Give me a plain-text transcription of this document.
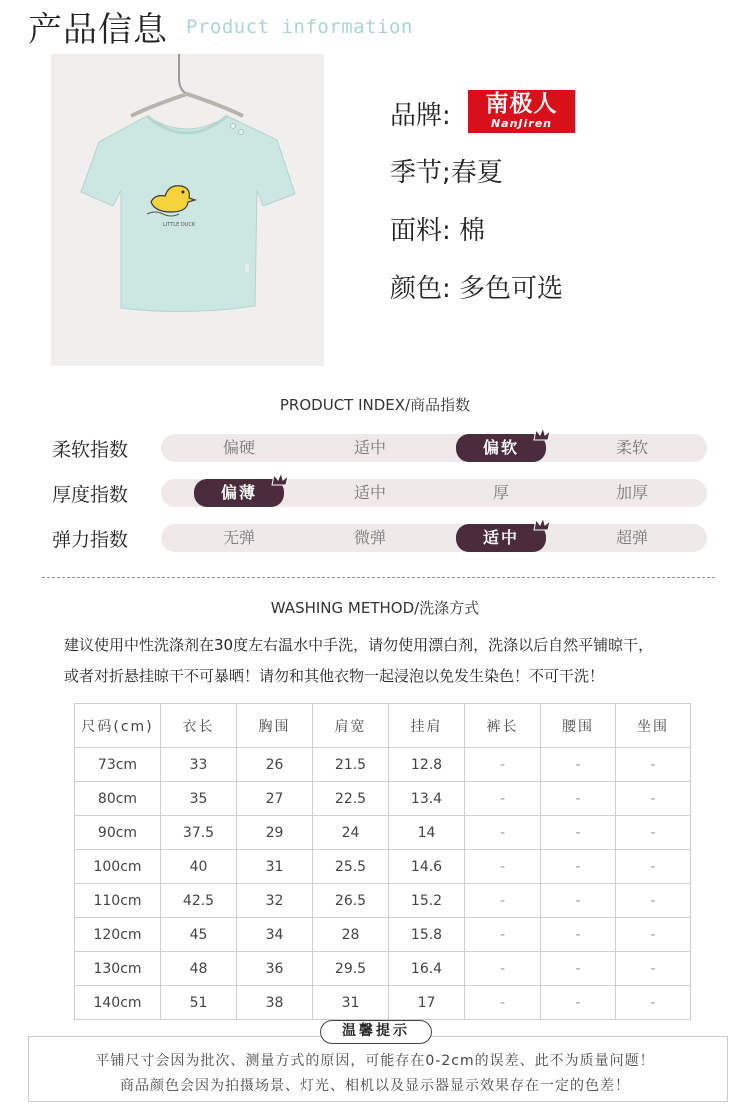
产品信息 Product information
LITTLE DUCK
品牌:	南极人
NanJiren
季节;春夏
面料: 棉
颜色: 多色可选
PRODUCT INDEX/商品指数
柔软指数	偏硬	适中	偏软	柔软
厚度指数	偏薄	适中	厚	加厚
弹力指数	无弹	微弹	适中	超弹
WASHING METHOD/洗涤方式
建议使用中性洗涤剂在30度左右温水中手洗，请勿使用漂白剂，洗涤以后自然平铺晾干，
或者对折悬挂晾干不可暴晒！请勿和其他衣物一起浸泡以免发生染色！不可干洗！
尺码(cm)	衣长	胸围	肩宽	挂肩	裤长	腰围	坐围
73cm	33	26	21.5	12.8	-	-	-
80cm	35	27	22.5	13.4	-	-	-
90cm	37.5	29	24	14	-	-	-
100cm	40	31	25.5	14.6	-	-	-
110cm	42.5	32	26.5	15.2	-	-	-
120cm	45	34	28	15.8	-	-	-
130cm	48	36	29.5	16.4	-	-	-
140cm	51	38	31	17	-	-	-
温馨提示
平铺尺寸会因为批次、测量方式的原因，可能存在0-2cm的误差、此不为质量问题！
商品颜色会因为拍摄场景、灯光、相机以及显示器显示效果存在一定的色差！
